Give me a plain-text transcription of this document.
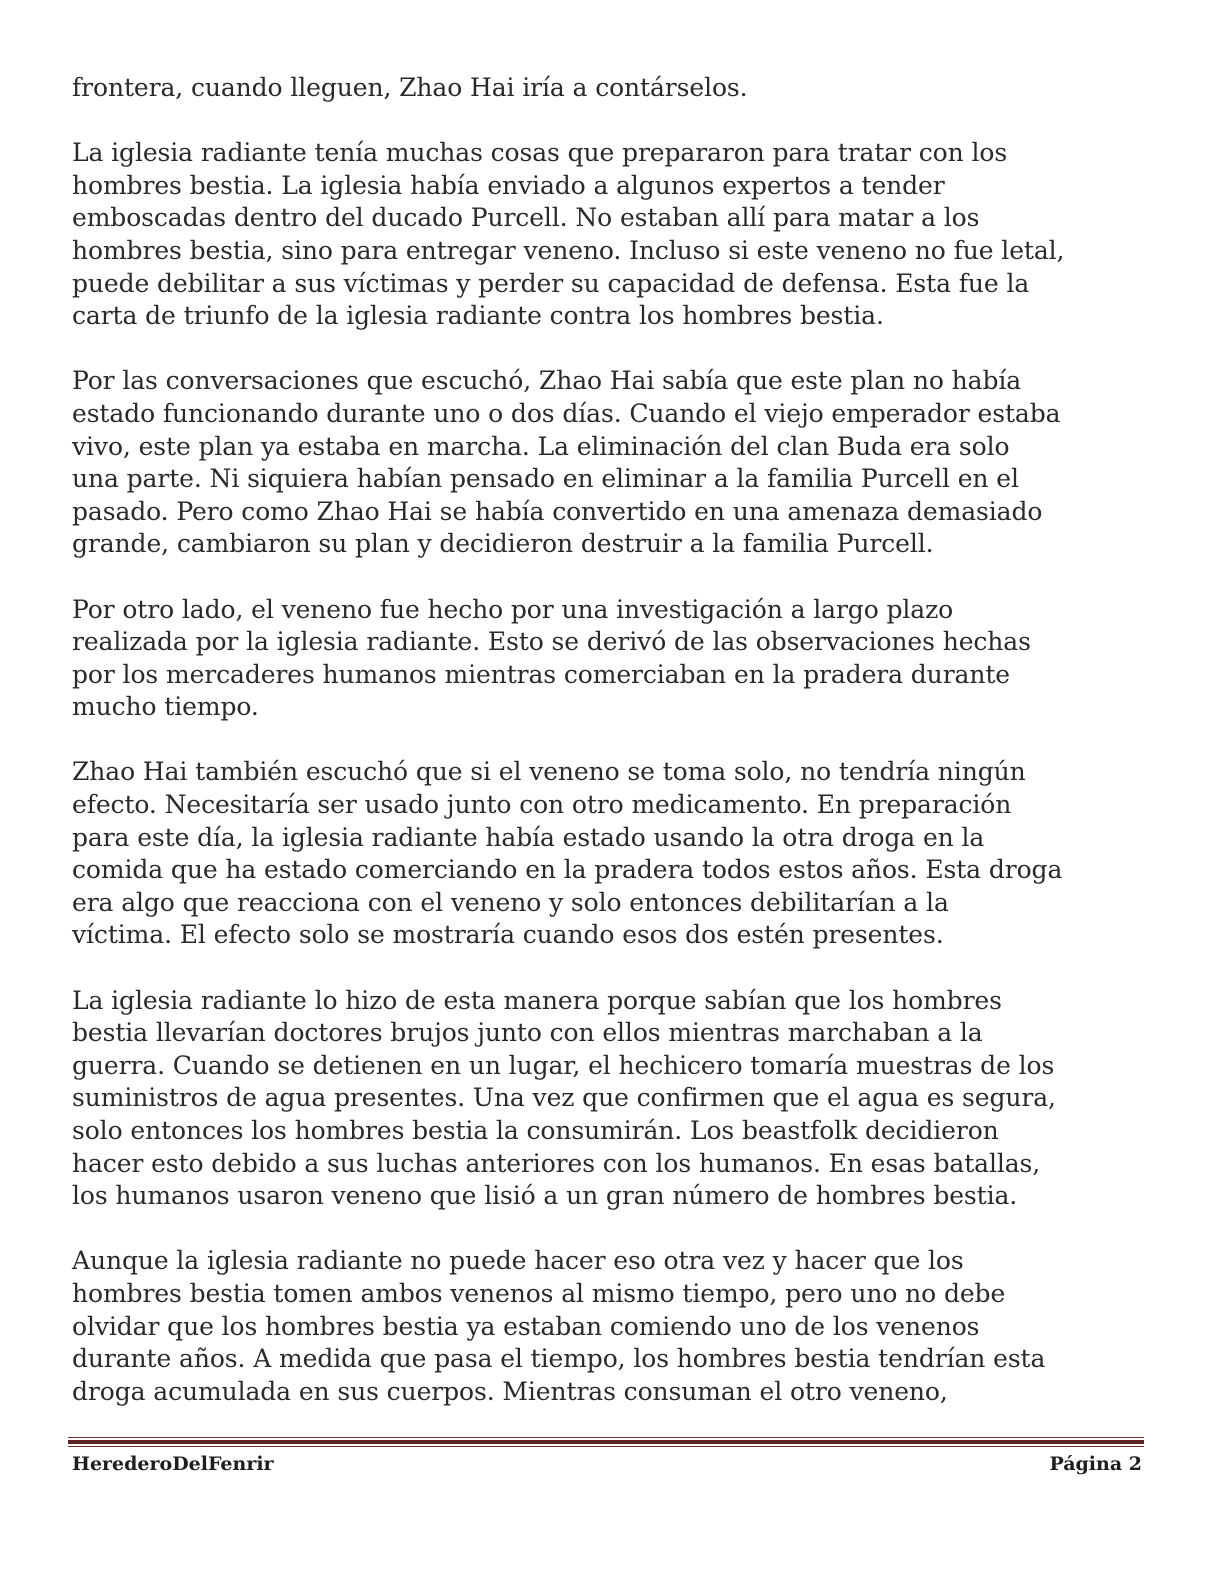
frontera, cuando lleguen, Zhao Hai iría a contárselos.

La iglesia radiante tenía muchas cosas que prepararon para tratar con los
hombres bestia. La iglesia había enviado a algunos expertos a tender
emboscadas dentro del ducado Purcell. No estaban allí para matar a los
hombres bestia, sino para entregar veneno. Incluso si este veneno no fue letal,
puede debilitar a sus víctimas y perder su capacidad de defensa. Esta fue la
carta de triunfo de la iglesia radiante contra los hombres bestia.

Por las conversaciones que escuchó, Zhao Hai sabía que este plan no había
estado funcionando durante uno o dos días. Cuando el viejo emperador estaba
vivo, este plan ya estaba en marcha. La eliminación del clan Buda era solo
una parte. Ni siquiera habían pensado en eliminar a la familia Purcell en el
pasado. Pero como Zhao Hai se había convertido en una amenaza demasiado
grande, cambiaron su plan y decidieron destruir a la familia Purcell.

Por otro lado, el veneno fue hecho por una investigación a largo plazo
realizada por la iglesia radiante. Esto se derivó de las observaciones hechas
por los mercaderes humanos mientras comerciaban en la pradera durante
mucho tiempo.

Zhao Hai también escuchó que si el veneno se toma solo, no tendría ningún
efecto. Necesitaría ser usado junto con otro medicamento. En preparación
para este día, la iglesia radiante había estado usando la otra droga en la
comida que ha estado comerciando en la pradera todos estos años. Esta droga
era algo que reacciona con el veneno y solo entonces debilitarían a la
víctima. El efecto solo se mostraría cuando esos dos estén presentes.

La iglesia radiante lo hizo de esta manera porque sabían que los hombres
bestia llevarían doctores brujos junto con ellos mientras marchaban a la
guerra. Cuando se detienen en un lugar, el hechicero tomaría muestras de los
suministros de agua presentes. Una vez que confirmen que el agua es segura,
solo entonces los hombres bestia la consumirán. Los beastfolk decidieron
hacer esto debido a sus luchas anteriores con los humanos. En esas batallas,
los humanos usaron veneno que lisió a un gran número de hombres bestia.

Aunque la iglesia radiante no puede hacer eso otra vez y hacer que los
hombres bestia tomen ambos venenos al mismo tiempo, pero uno no debe
olvidar que los hombres bestia ya estaban comiendo uno de los venenos
durante años. A medida que pasa el tiempo, los hombres bestia tendrían esta
droga acumulada en sus cuerpos. Mientras consuman el otro veneno,

HerederoDelFenrir	Página 2
